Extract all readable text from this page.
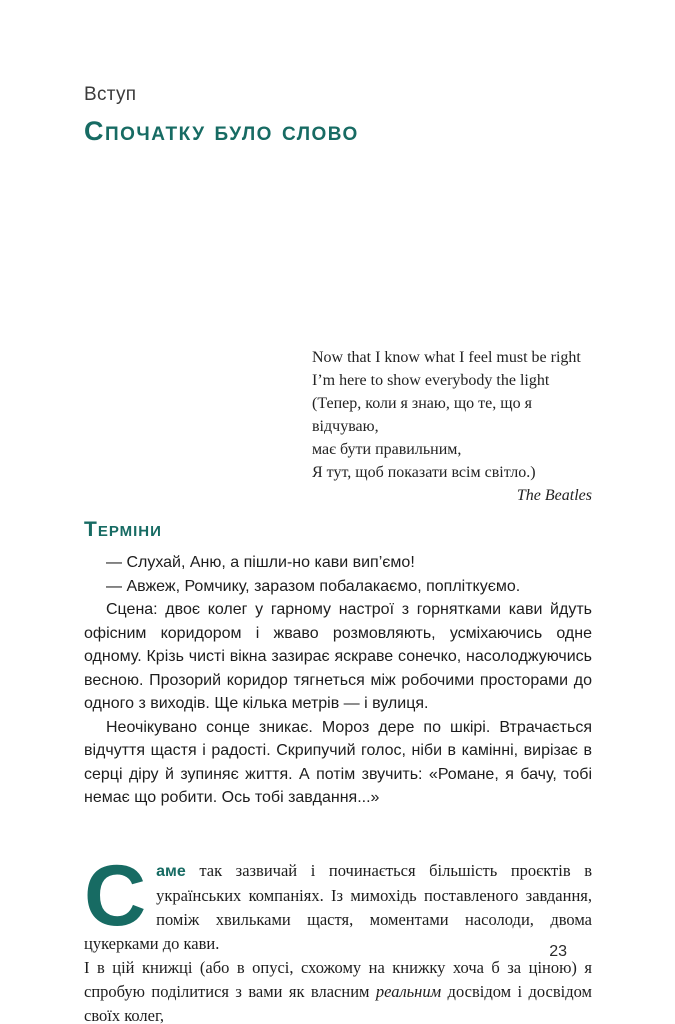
Вступ
Спочатку було слово
Now that I know what I feel must be right
I’m here to show everybody the light
(Тепер, коли я знаю, що те, що я відчуваю,
має бути правильним,
Я тут, щоб показати всім світло.)
The Beatles
Терміни

— Слухай, Аню, а пішли-но кави вип’ємо!

— Авжеж, Ромчику, заразом побалакаємо, попліткуємо.

Сцена: двоє колег у гарному настрої з горнятками кави йдуть офісним коридором і жваво розмовляють, усміхаючись одне одному. Крізь чисті вікна зазирає яскраве сонечко, насолоджуючись весною. Прозорий коридор тягнеться між робочими просторами до одного з виходів. Ще кілька метрів — і вулиця.

Неочікувано сонце зникає. Мороз дере по шкірі. Втрачається відчуття щастя і радості. Скрипучий голос, ніби в камінні, вирізає в серці діру й зупиняє життя. А потім звучить: «Романе, я бачу, тобі немає що робити. Ось тобі завдання...»

Саме так зазвичай і починається більшість проєктів в українських компаніях. Із мимохідь поставленого завдання, поміж хвильками щастя, моментами насолоди, двома цукерками до кави.

І в цій книжці (або в опусі, схожому на книжку хоча б за ціною) я спробую поділитися з вами як власним реальним досвідом і досвідом своїх колег,

23
